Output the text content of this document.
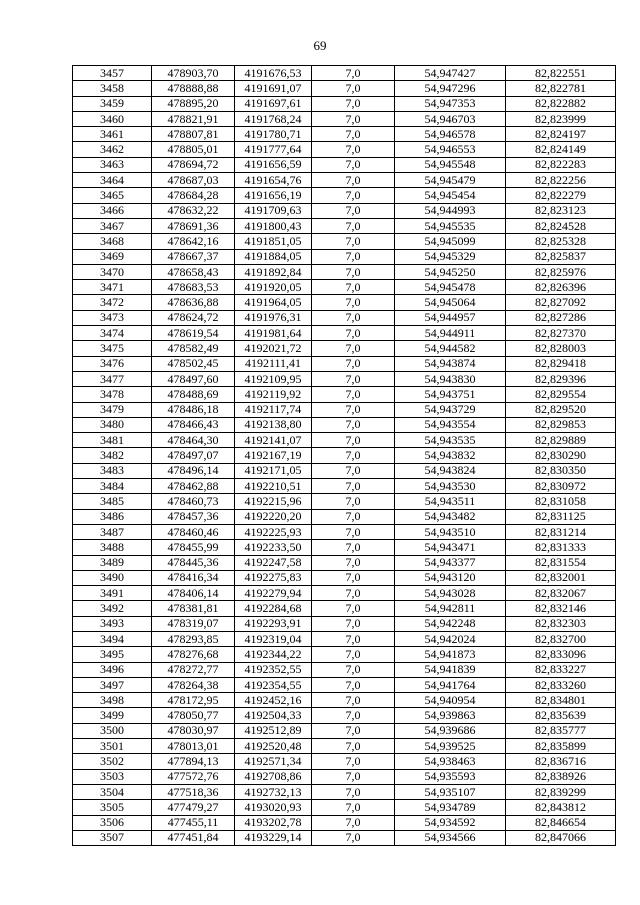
69
3457	478903,70	4191676,53	7,0	54,947427	82,822551
3458	478888,88	4191691,07	7,0	54,947296	82,822781
3459	478895,20	4191697,61	7,0	54,947353	82,822882
3460	478821,91	4191768,24	7,0	54,946703	82,823999
3461	478807,81	4191780,71	7,0	54,946578	82,824197
3462	478805,01	4191777,64	7,0	54,946553	82,824149
3463	478694,72	4191656,59	7,0	54,945548	82,822283
3464	478687,03	4191654,76	7,0	54,945479	82,822256
3465	478684,28	4191656,19	7,0	54,945454	82,822279
3466	478632,22	4191709,63	7,0	54,944993	82,823123
3467	478691,36	4191800,43	7,0	54,945535	82,824528
3468	478642,16	4191851,05	7,0	54,945099	82,825328
3469	478667,37	4191884,05	7,0	54,945329	82,825837
3470	478658,43	4191892,84	7,0	54,945250	82,825976
3471	478683,53	4191920,05	7,0	54,945478	82,826396
3472	478636,88	4191964,05	7,0	54,945064	82,827092
3473	478624,72	4191976,31	7,0	54,944957	82,827286
3474	478619,54	4191981,64	7,0	54,944911	82,827370
3475	478582,49	4192021,72	7,0	54,944582	82,828003
3476	478502,45	4192111,41	7,0	54,943874	82,829418
3477	478497,60	4192109,95	7,0	54,943830	82,829396
3478	478488,69	4192119,92	7,0	54,943751	82,829554
3479	478486,18	4192117,74	7,0	54,943729	82,829520
3480	478466,43	4192138,80	7,0	54,943554	82,829853
3481	478464,30	4192141,07	7,0	54,943535	82,829889
3482	478497,07	4192167,19	7,0	54,943832	82,830290
3483	478496,14	4192171,05	7,0	54,943824	82,830350
3484	478462,88	4192210,51	7,0	54,943530	82,830972
3485	478460,73	4192215,96	7,0	54,943511	82,831058
3486	478457,36	4192220,20	7,0	54,943482	82,831125
3487	478460,46	4192225,93	7,0	54,943510	82,831214
3488	478455,99	4192233,50	7,0	54,943471	82,831333
3489	478445,36	4192247,58	7,0	54,943377	82,831554
3490	478416,34	4192275,83	7,0	54,943120	82,832001
3491	478406,14	4192279,94	7,0	54,943028	82,832067
3492	478381,81	4192284,68	7,0	54,942811	82,832146
3493	478319,07	4192293,91	7,0	54,942248	82,832303
3494	478293,85	4192319,04	7,0	54,942024	82,832700
3495	478276,68	4192344,22	7,0	54,941873	82,833096
3496	478272,77	4192352,55	7,0	54,941839	82,833227
3497	478264,38	4192354,55	7,0	54,941764	82,833260
3498	478172,95	4192452,16	7,0	54,940954	82,834801
3499	478050,77	4192504,33	7,0	54,939863	82,835639
3500	478030,97	4192512,89	7,0	54,939686	82,835777
3501	478013,01	4192520,48	7,0	54,939525	82,835899
3502	477894,13	4192571,34	7,0	54,938463	82,836716
3503	477572,76	4192708,86	7,0	54,935593	82,838926
3504	477518,36	4192732,13	7,0	54,935107	82,839299
3505	477479,27	4193020,93	7,0	54,934789	82,843812
3506	477455,11	4193202,78	7,0	54,934592	82,846654
3507	477451,84	4193229,14	7,0	54,934566	82,847066
